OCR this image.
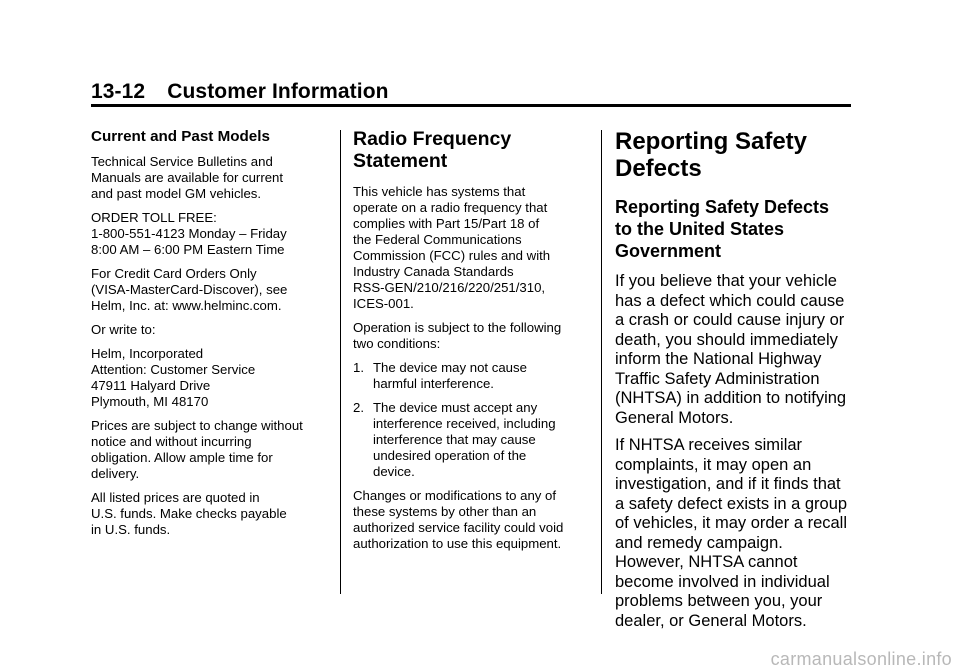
13-12 Customer Information
Current and Past Models

Technical Service Bulletins and
Manuals are available for current
and past model GM vehicles.

ORDER TOLL FREE:
1-800-551-4123 Monday – Friday
8:00 AM – 6:00 PM Eastern Time

For Credit Card Orders Only
(VISA-MasterCard-Discover), see
Helm, Inc. at: www.helminc.com.

Or write to:

Helm, Incorporated
Attention: Customer Service
47911 Halyard Drive
Plymouth, MI 48170

Prices are subject to change without
notice and without incurring
obligation. Allow ample time for
delivery.

All listed prices are quoted in
U.S. funds. Make checks payable
in U.S. funds.

Radio Frequency
Statement

This vehicle has systems that
operate on a radio frequency that
complies with Part 15/Part 18 of
the Federal Communications
Commission (FCC) rules and with
Industry Canada Standards
RSS-GEN/210/216/220/251/310,
ICES-001.

Operation is subject to the following
two conditions:

1. The device may not cause
harmful interference.
2. The device must accept any
interference received, including
interference that may cause
undesired operation of the
device.

Changes or modifications to any of
these systems by other than an
authorized service facility could void
authorization to use this equipment.

Reporting Safety
Defects
Reporting Safety Defects
to the United States
Government

If you believe that your vehicle
has a defect which could cause
a crash or could cause injury or
death, you should immediately
inform the National Highway
Traffic Safety Administration
(NHTSA) in addition to notifying
General Motors.

If NHTSA receives similar
complaints, it may open an
investigation, and if it finds that
a safety defect exists in a group
of vehicles, it may order a recall
and remedy campaign.
However, NHTSA cannot
become involved in individual
problems between you, your
dealer, or General Motors.

carmanualsonline.info
